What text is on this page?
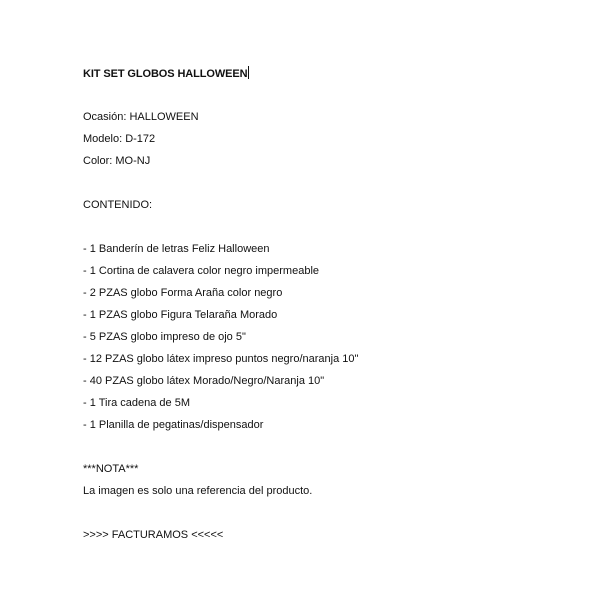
KIT SET GLOBOS HALLOWEEN
Ocasión: HALLOWEEN
Modelo: D-172
Color: MO-NJ
CONTENIDO:
- 1 Banderín de letras Feliz Halloween
- 1 Cortina de calavera color negro impermeable
- 2 PZAS globo Forma Araña color negro
- 1 PZAS globo Figura Telaraña Morado
- 5 PZAS globo impreso de ojo 5"
- 12 PZAS globo látex impreso puntos negro/naranja 10"
- 40 PZAS globo látex Morado/Negro/Naranja 10"
- 1 Tira cadena de 5M
- 1 Planilla de pegatinas/dispensador
***NOTA***
La imagen es solo una referencia del producto.
>>>> FACTURAMOS <<<<<
